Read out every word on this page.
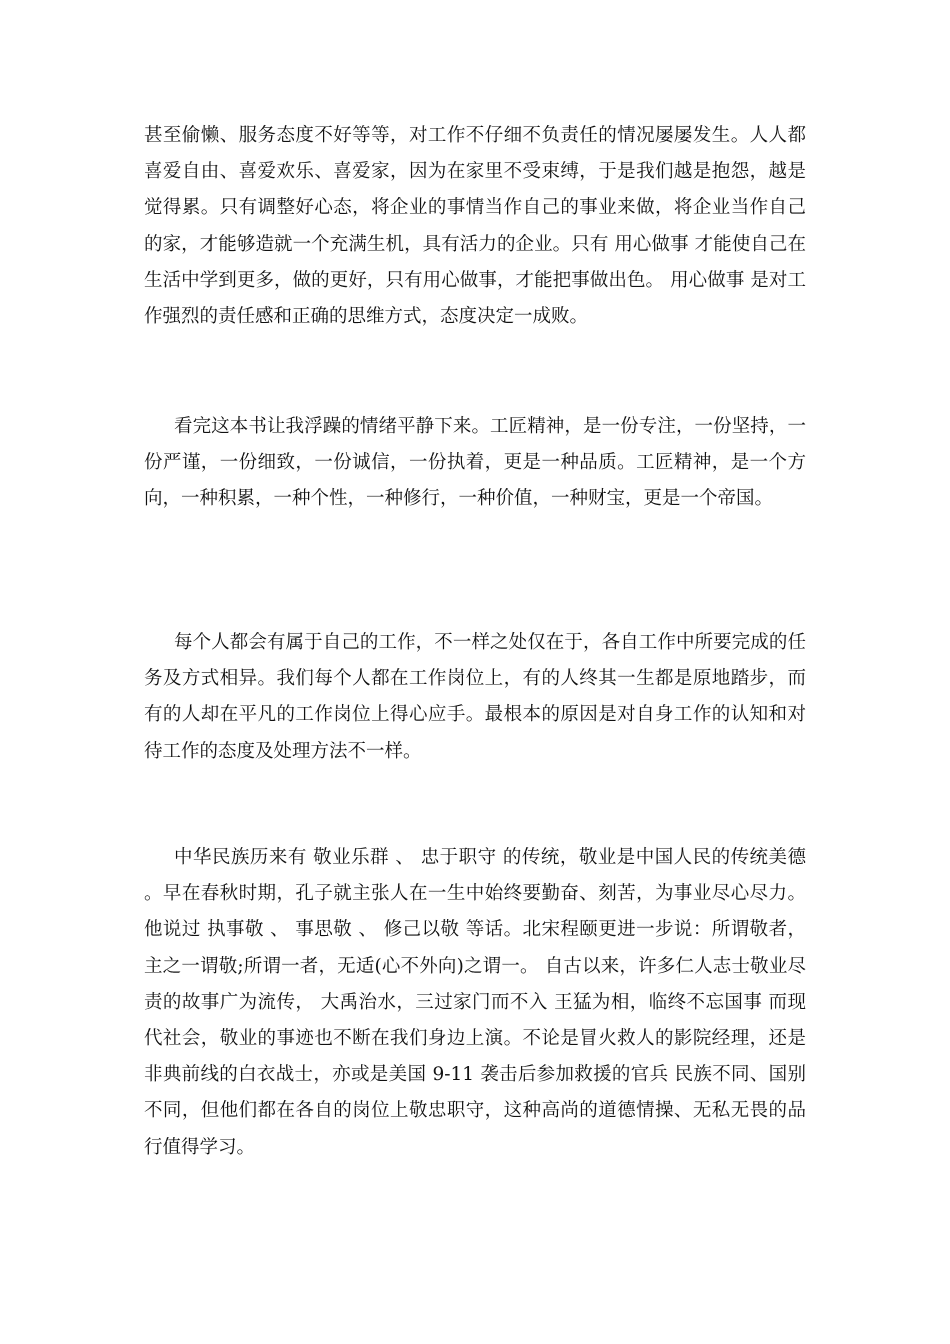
甚至偷懒、服务态度不好等等，对工作不仔细不负责任的情况屡屡发生。人人都喜爱自由、喜爱欢乐、喜爱家，因为在家里不受束缚，于是我们越是抱怨，越是觉得累。只有调整好心态，将企业的事情当作自己的事业来做，将企业当作自己的家，才能够造就一个充满生机，具有活力的企业。只有 用心做事 才能使自己在生活中学到更多，做的更好，只有用心做事，才能把事做出色。 用心做事 是对工作强烈的责任感和正确的思维方式，态度决定一成败。

看完这本书让我浮躁的情绪平静下来。工匠精神，是一份专注，一份坚持，一份严谨，一份细致，一份诚信，一份执着，更是一种品质。工匠精神，是一个方向，一种积累，一种个性，一种修行，一种价值，一种财宝，更是一个帝国。

每个人都会有属于自己的工作，不一样之处仅在于，各自工作中所要完成的任务及方式相异。我们每个人都在工作岗位上，有的人终其一生都是原地踏步，而有的人却在平凡的工作岗位上得心应手。最根本的原因是对自身工作的认知和对待工作的态度及处理方法不一样。

中华民族历来有 敬业乐群 、 忠于职守 的传统，敬业是中国人民的传统美德。早在春秋时期，孔子就主张人在一生中始终要勤奋、刻苦，为事业尽心尽力。他说过 执事敬 、 事思敬 、 修己以敬 等话。北宋程颐更进一步说：所谓敬者，主之一谓敬;所谓一者，无适(心不外向)之谓一。 自古以来，许多仁人志士敬业尽责的故事广为流传， 大禹治水，三过家门而不入 王猛为相，临终不忘国事 而现代社会，敬业的事迹也不断在我们身边上演。不论是冒火救人的影院经理，还是非典前线的白衣战士，亦或是美国 9-11 袭击后参加救援的官兵 民族不同、国别不同，但他们都在各自的岗位上敬忠职守，这种高尚的道德情操、无私无畏的品行值得学习。
